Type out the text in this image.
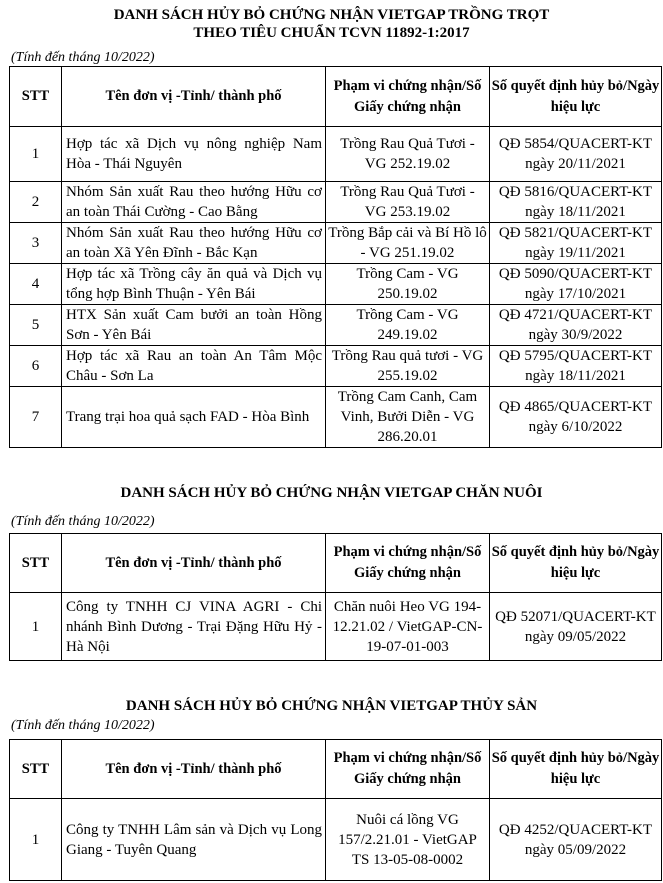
DANH SÁCH HỦY BỎ CHỨNG NHẬN VIETGAP TRỒNG TRỌT
THEO TIÊU CHUẨN TCVN 11892-1:2017
(Tính đến tháng 10/2022)
STT	Tên đơn vị -Tỉnh/ thành phố	Phạm vi chứng nhận/Số Giấy chứng nhận	Số quyết định hủy bỏ/Ngày hiệu lực
1	Hợp tác xã Dịch vụ nông nghiệp Nam Hòa - Thái Nguyên	Trồng Rau Quả Tươi - VG 252.19.02	QĐ 5854/QUACERT-KT ngày 20/11/2021
2	Nhóm Sản xuất Rau theo hướng Hữu cơ an toàn Thái Cường - Cao Bằng	Trồng Rau Quả Tươi - VG 253.19.02	QĐ 5816/QUACERT-KT ngày 18/11/2021
3	Nhóm Sản xuất Rau theo hướng Hữu cơ an toàn Xã Yên Đĩnh - Bắc Kạn	Trồng Bắp cải và Bí Hồ lô - VG 251.19.02	QĐ 5821/QUACERT-KT ngày 19/11/2021
4	Hợp tác xã Trồng cây ăn quả và Dịch vụ tổng hợp Bình Thuận - Yên Bái	Trồng Cam - VG 250.19.02	QĐ 5090/QUACERT-KT ngày 17/10/2021
5	HTX Sản xuất Cam bưởi an toàn Hồng Sơn - Yên Bái	Trồng Cam - VG 249.19.02	QĐ 4721/QUACERT-KT ngày 30/9/2022
6	Hợp tác xã Rau an toàn An Tâm Mộc Châu - Sơn La	Trồng Rau quả tươi - VG 255.19.02	QĐ 5795/QUACERT-KT ngày 18/11/2021
7	Trang trại hoa quả sạch FAD - Hòa Bình	Trồng Cam Canh, Cam Vinh, Bưởi Diễn - VG 286.20.01	QĐ 4865/QUACERT-KT ngày 6/10/2022
DANH SÁCH HỦY BỎ CHỨNG NHẬN VIETGAP CHĂN NUÔI
(Tính đến tháng 10/2022)
STT	Tên đơn vị -Tỉnh/ thành phố	Phạm vi chứng nhận/Số Giấy chứng nhận	Số quyết định hủy bỏ/Ngày hiệu lực
1	Công ty TNHH CJ VINA AGRI - Chi nhánh Bình Dương - Trại Đặng Hữu Hỷ - Hà Nội	Chăn nuôi Heo VG 194-12.21.02 / VietGAP-CN-19-07-01-003	QĐ 52071/QUACERT-KT ngày 09/05/2022
DANH SÁCH HỦY BỎ CHỨNG NHẬN VIETGAP THỦY SẢN
(Tính đến tháng 10/2022)
STT	Tên đơn vị -Tỉnh/ thành phố	Phạm vi chứng nhận/Số Giấy chứng nhận	Số quyết định hủy bỏ/Ngày hiệu lực
1	Công ty TNHH Lâm sản và Dịch vụ Long Giang - Tuyên Quang	Nuôi cá lồng VG 157/2.21.01 - VietGAP TS 13-05-08-0002	QĐ 4252/QUACERT-KT ngày 05/09/2022
